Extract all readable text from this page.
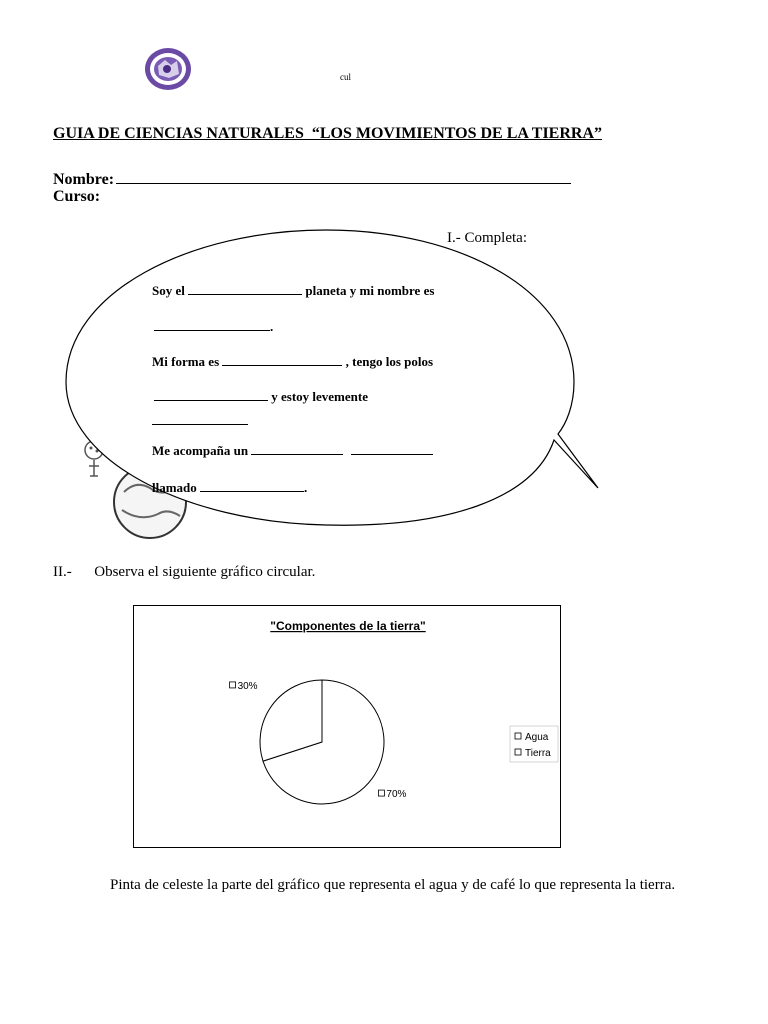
cul
GUIA DE CIENCIAS NATURALES  “LOS MOVIMIENTOS DE LA TIERRA”
Nombre:
Curso:
I.- Completa:
Soy el	planeta y mi nombre es
.
Mi forma es	, tengo los polos
y estoy levemente
Me acompaña un
llamado	.
II.- Observa el siguiente gráfico circular.
"Componentes de la tierra"
70%
30%
Agua
Tierra
Pinta de celeste la parte del gráfico que representa el agua y de café lo que representa la tierra.
